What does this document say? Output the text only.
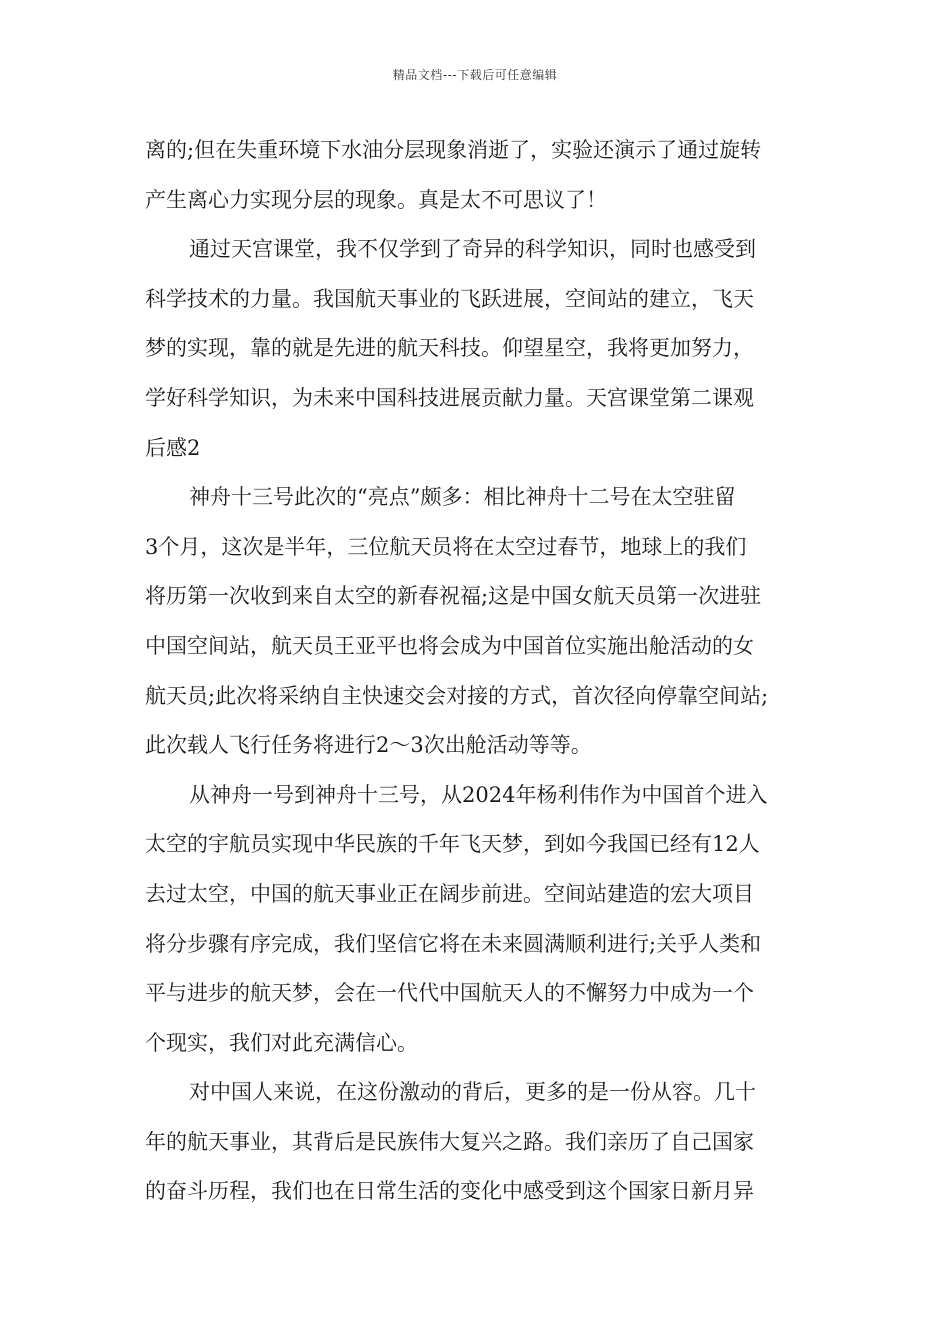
精品文档---下载后可任意编辑
离的;但在失重环境下水油分层现象消逝了，实验还演示了通过旋转
产生离心力实现分层的现象。真是太不可思议了！
通过天宫课堂，我不仅学到了奇异的科学知识，同时也感受到
科学技术的力量。我国航天事业的飞跃进展，空间站的建立，飞天
梦的实现，靠的就是先进的航天科技。仰望星空，我将更加努力，
学好科学知识，为未来中国科技进展贡献力量。天宫课堂第二课观
后感2
神舟十三号此次的“亮点”颇多：相比神舟十二号在太空驻留
3个月，这次是半年，三位航天员将在太空过春节，地球上的我们
将历第一次收到来自太空的新春祝福;这是中国女航天员第一次进驻
中国空间站，航天员王亚平也将会成为中国首位实施出舱活动的女
航天员;此次将采纳自主快速交会对接的方式，首次径向停靠空间站;
此次载人飞行任务将进行2～3次出舱活动等等。
从神舟一号到神舟十三号，从2024年杨利伟作为中国首个进入
太空的宇航员实现中华民族的千年飞天梦，到如今我国已经有12人
去过太空，中国的航天事业正在阔步前进。空间站建造的宏大项目
将分步骤有序完成，我们坚信它将在未来圆满顺利进行;关乎人类和
平与进步的航天梦，会在一代代中国航天人的不懈努力中成为一个
个现实，我们对此充满信心。
对中国人来说，在这份激动的背后，更多的是一份从容。几十
年的航天事业，其背后是民族伟大复兴之路。我们亲历了自己国家
的奋斗历程，我们也在日常生活的变化中感受到这个国家日新月异
